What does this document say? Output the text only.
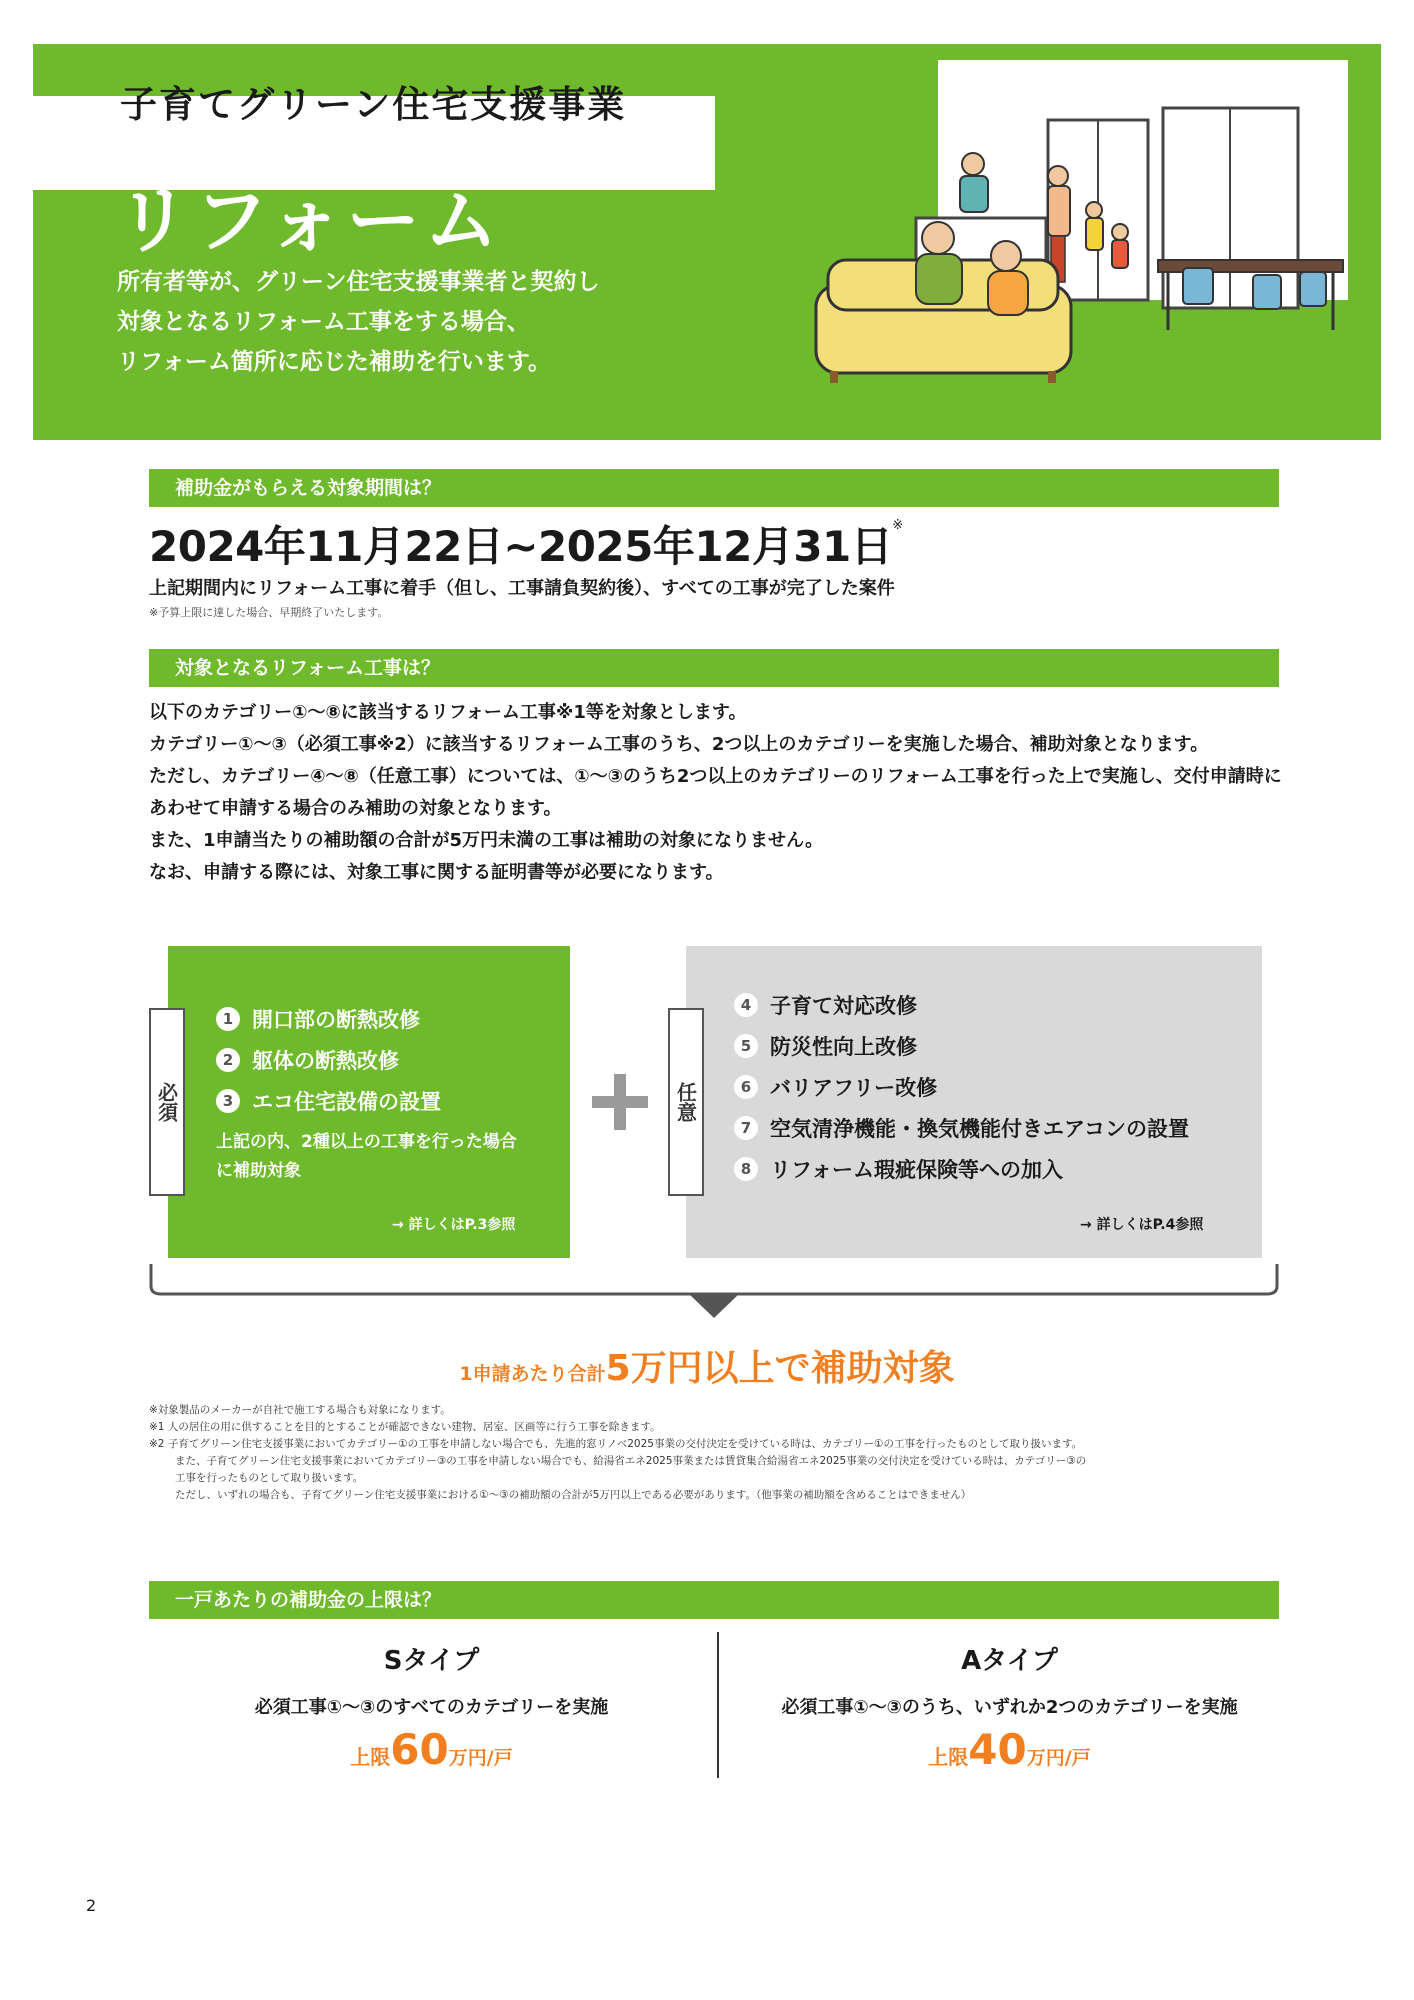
子育てグリーン住宅支援事業
リフォーム
所有者等が、グリーン住宅支援事業者と契約し
対象となるリフォーム工事をする場合、
リフォーム箇所に応じた補助を行います。
補助金がもらえる対象期間は？
2024年11月22日~2025年12月31日※
上記期間内にリフォーム工事に着手（但し、工事請負契約後）、すべての工事が完了した案件
※予算上限に達した場合、早期終了いたします。
対象となるリフォーム工事は？

以下のカテゴリー①～⑧に該当するリフォーム工事※1等を対象とします。

カテゴリー①～③（必須工事※2）に該当するリフォーム工事のうち、2つ以上のカテゴリーを実施した場合、補助対象となります。

ただし、カテゴリー④～⑧（任意工事）については、①～③のうち2つ以上のカテゴリーのリフォーム工事を行った上で実施し、交付申請時にあわせて申請する場合のみ補助の対象となります。

また、1申請当たりの補助額の合計が5万円未満の工事は補助の対象になりません。

なお、申請する際には、対象工事に関する証明書等が必要になります。

必須
1 開口部の断熱改修
2 躯体の断熱改修
3 エコ住宅設備の設置
上記の内、2種以上の工事を行った場合
に補助対象
→ 詳しくはP.3参照
任意
4 子育て対応改修
5 防災性向上改修
6 バリアフリー改修
7 空気清浄機能・換気機能付きエアコンの設置
8 リフォーム瑕疵保険等への加入
→ 詳しくはP.4参照
1申請あたり合計5万円以上で補助対象
※対象製品のメーカーが自社で施工する場合も対象になります。
※1 人の居住の用に供することを目的とすることが確認できない建物、居室、区画等に行う工事を除きます。
※2 子育てグリーン住宅支援事業においてカテゴリー①の工事を申請しない場合でも、先進的窓リノベ2025事業の交付決定を受けている時は、カテゴリー①の工事を行ったものとして取り扱います。
また、子育てグリーン住宅支援事業においてカテゴリー③の工事を申請しない場合でも、給湯省エネ2025事業または賃貸集合給湯省エネ2025事業の交付決定を受けている時は、カテゴリー③の
工事を行ったものとして取り扱います。
ただし、いずれの場合も、子育てグリーン住宅支援事業における①～③の補助額の合計が5万円以上である必要があります。（他事業の補助額を含めることはできません）
一戸あたりの補助金の上限は？
Sタイプ
必須工事①～③のすべてのカテゴリーを実施
上限60万円/戸
Aタイプ
必須工事①～③のうち、いずれか2つのカテゴリーを実施
上限40万円/戸
2
